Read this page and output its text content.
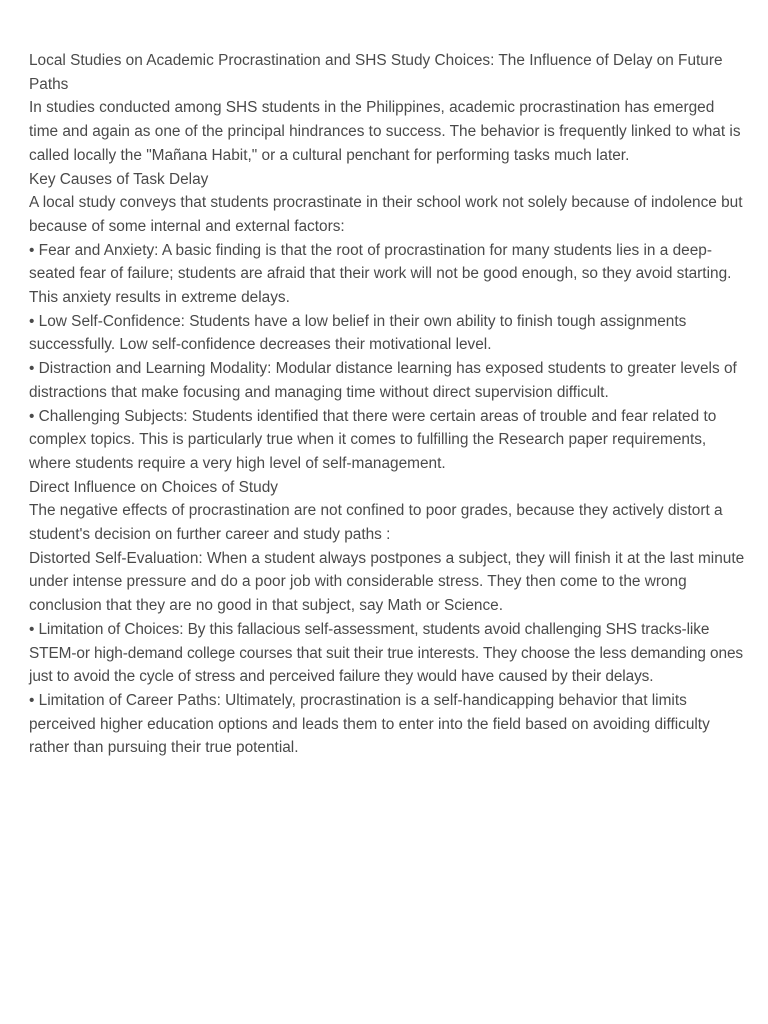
Local Studies on Academic Procrastination and SHS Study Choices: The Influence of Delay on Future Paths

In studies conducted among SHS students in the Philippines, academic procrastination has emerged time and again as one of the principal hindrances to success. The behavior is frequently linked to what is called locally the "Mañana Habit," or a cultural penchant for performing tasks much later.

Key Causes of Task Delay

A local study conveys that students procrastinate in their school work not solely because of indolence but because of some internal and external factors:

• Fear and Anxiety: A basic finding is that the root of procrastination for many students lies in a deep-seated fear of failure; students are afraid that their work will not be good enough, so they avoid starting. This anxiety results in extreme delays.

• Low Self-Confidence: Students have a low belief in their own ability to finish tough assignments successfully. Low self-confidence decreases their motivational level.

• Distraction and Learning Modality: Modular distance learning has exposed students to greater levels of distractions that make focusing and managing time without direct supervision difficult.

• Challenging Subjects: Students identified that there were certain areas of trouble and fear related to complex topics. This is particularly true when it comes to fulfilling the Research paper requirements, where students require a very high level of self-management.

Direct Influence on Choices of Study

The negative effects of procrastination are not confined to poor grades, because they actively distort a student's decision on further career and study paths :

Distorted Self-Evaluation: When a student always postpones a subject, they will finish it at the last minute under intense pressure and do a poor job with considerable stress. They then come to the wrong conclusion that they are no good in that subject, say Math or Science.

• Limitation of Choices: By this fallacious self-assessment, students avoid challenging SHS tracks-like STEM-or high-demand college courses that suit their true interests. They choose the less demanding ones just to avoid the cycle of stress and perceived failure they would have caused by their delays.

• Limitation of Career Paths: Ultimately, procrastination is a self-handicapping behavior that limits perceived higher education options and leads them to enter into the field based on avoiding difficulty rather than pursuing their true potential.
